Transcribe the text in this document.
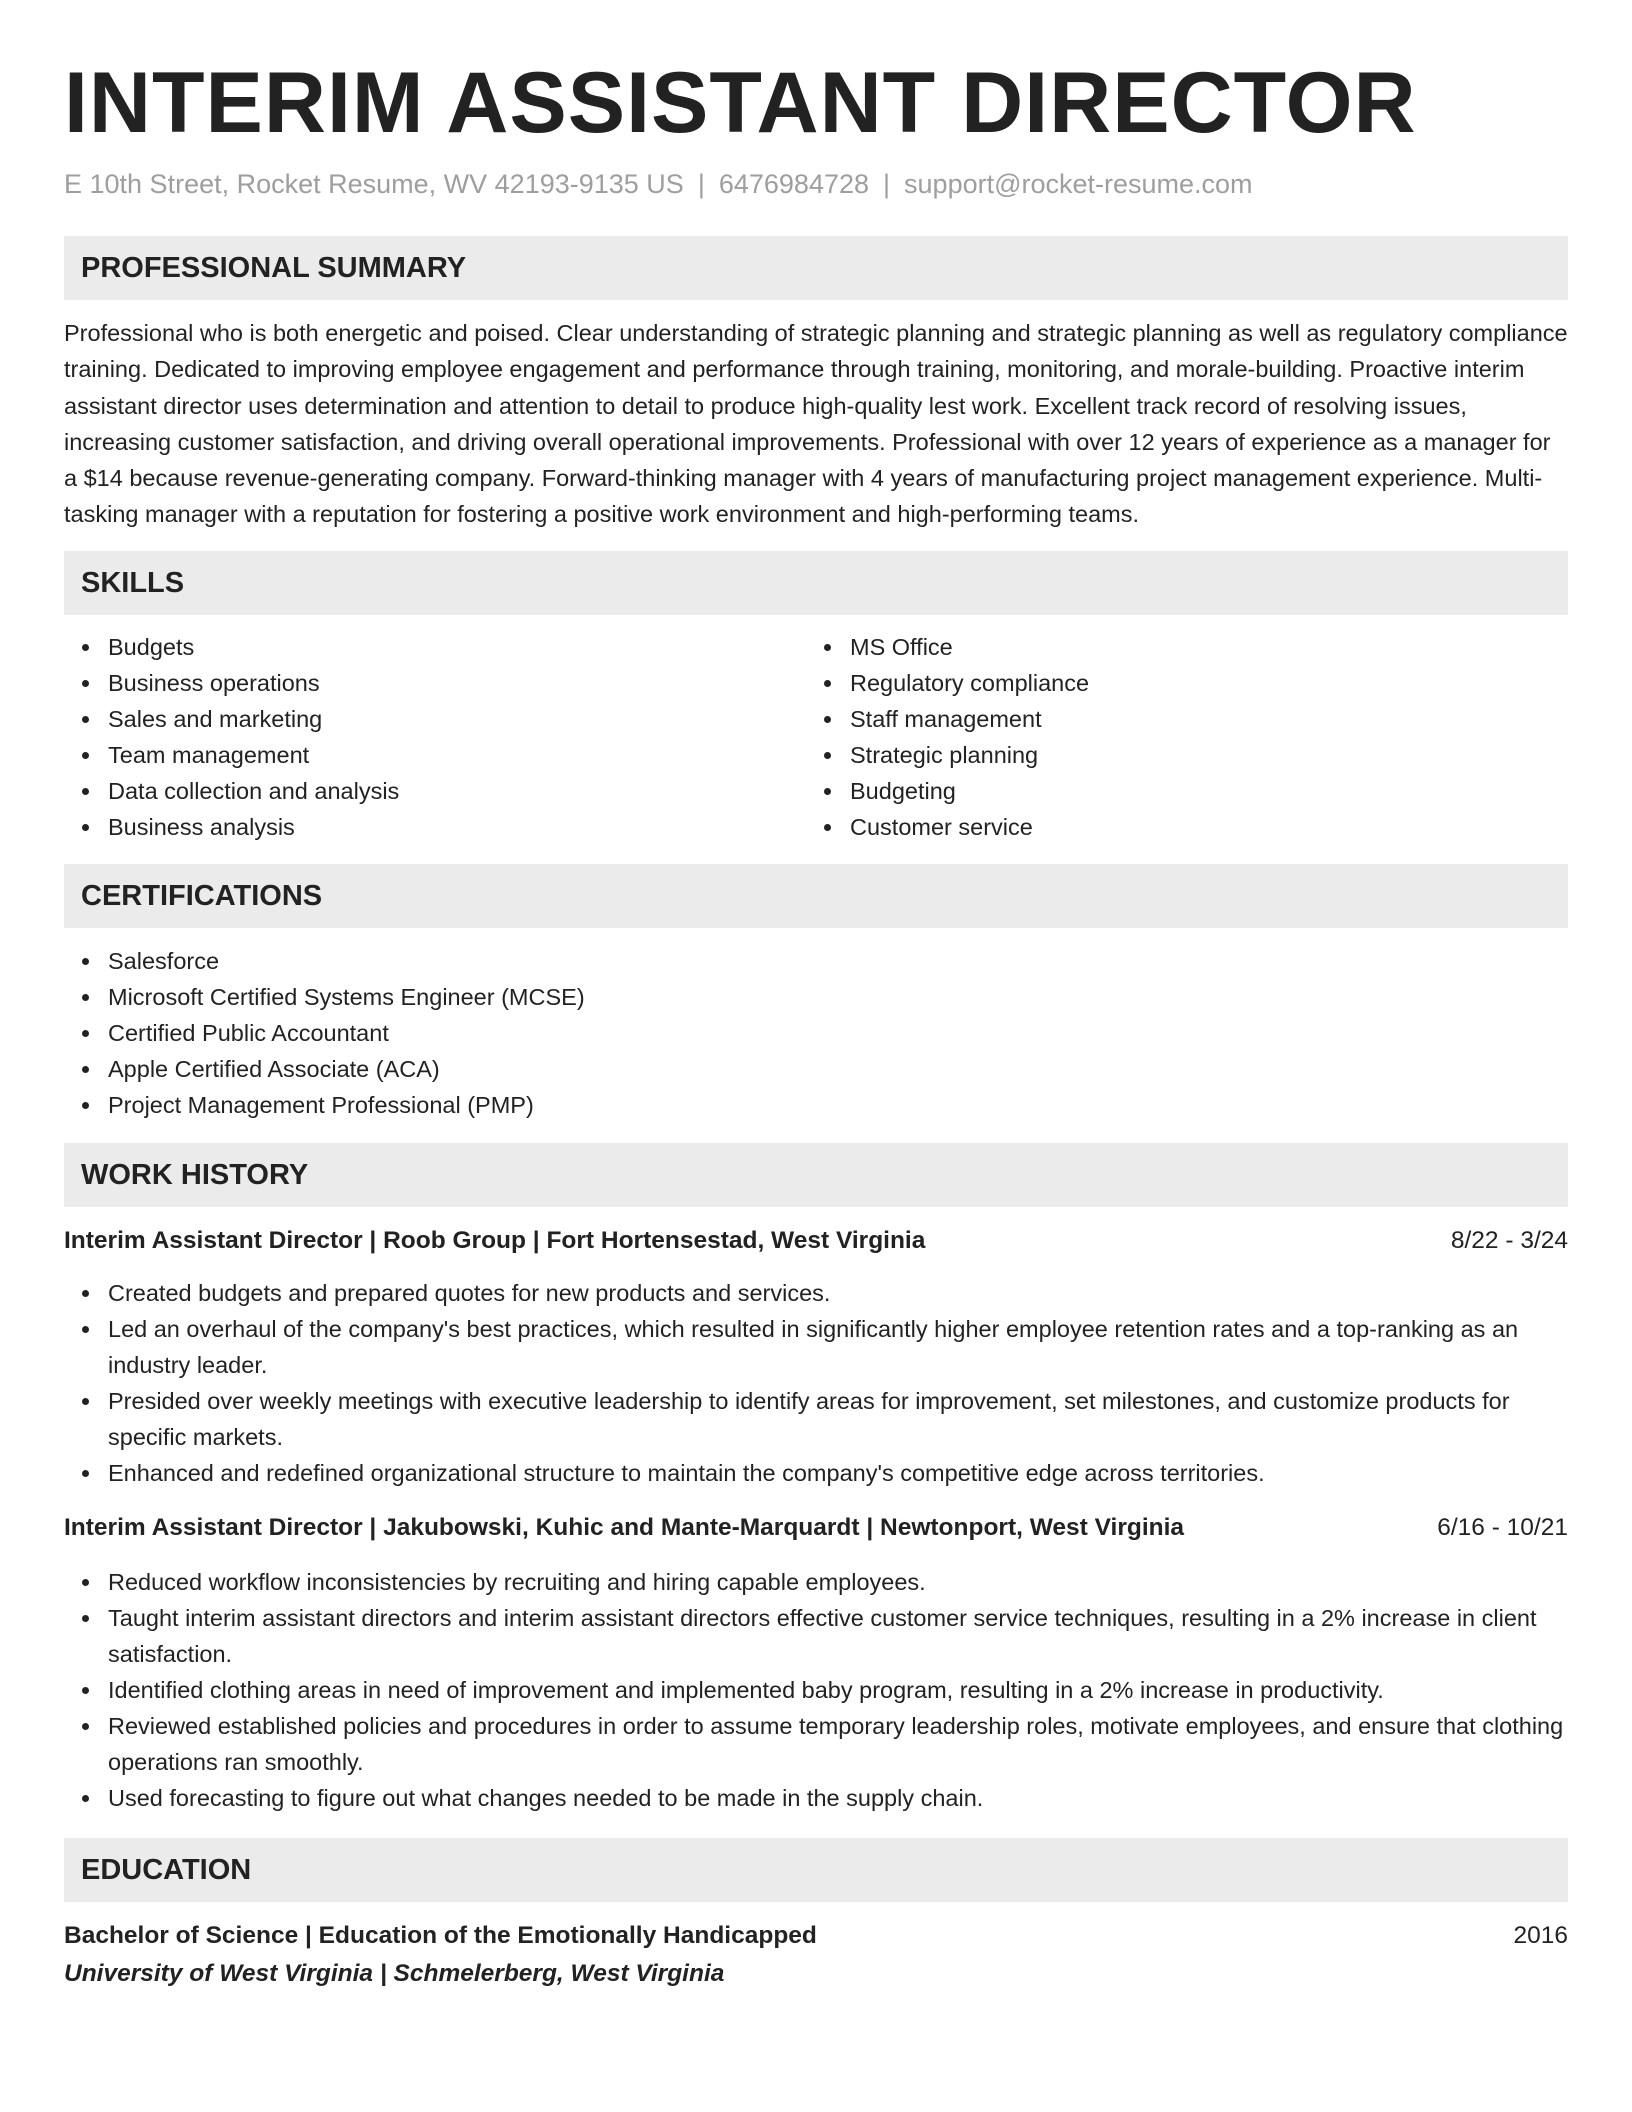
INTERIM ASSISTANT DIRECTOR
E 10th Street, Rocket Resume, WV 42193-9135 US | 6476984728 | support@rocket-resume.com
PROFESSIONAL SUMMARY

Professional who is both energetic and poised. Clear understanding of strategic planning and strategic planning as well as regulatory compliance training. Dedicated to improving employee engagement and performance through training, monitoring, and morale-building. Proactive interim assistant director uses determination and attention to detail to produce high-quality lest work. Excellent track record of resolving issues, increasing customer satisfaction, and driving overall operational improvements. Professional with over 12 years of experience as a manager for a $14 because revenue-generating company. Forward-thinking manager with 4 years of manufacturing project management experience. Multi-tasking manager with a reputation for fostering a positive work environment and high-performing teams.

SKILLS
Budgets
Business operations
Sales and marketing
Team management
Data collection and analysis
Business analysis
MS Office
Regulatory compliance
Staff management
Strategic planning
Budgeting
Customer service
CERTIFICATIONS
Salesforce
Microsoft Certified Systems Engineer (MCSE)
Certified Public Accountant
Apple Certified Associate (ACA)
Project Management Professional (PMP)
WORK HISTORY
Interim Assistant Director | Roob Group | Fort Hortensestad, West Virginia	8/22 - 3/24
Created budgets and prepared quotes for new products and services.
Led an overhaul of the company's best practices, which resulted in significantly higher employee retention rates and a top-ranking as an industry leader.
Presided over weekly meetings with executive leadership to identify areas for improvement, set milestones, and customize products for specific markets.
Enhanced and redefined organizational structure to maintain the company's competitive edge across territories.
Interim Assistant Director | Jakubowski, Kuhic and Mante-Marquardt | Newtonport, West Virginia	6/16 - 10/21
Reduced workflow inconsistencies by recruiting and hiring capable employees.
Taught interim assistant directors and interim assistant directors effective customer service techniques, resulting in a 2% increase in client satisfaction.
Identified clothing areas in need of improvement and implemented baby program, resulting in a 2% increase in productivity.
Reviewed established policies and procedures in order to assume temporary leadership roles, motivate employees, and ensure that clothing operations ran smoothly.
Used forecasting to figure out what changes needed to be made in the supply chain.
EDUCATION
Bachelor of Science | Education of the Emotionally Handicapped	2016
University of West Virginia | Schmelerberg, West Virginia
